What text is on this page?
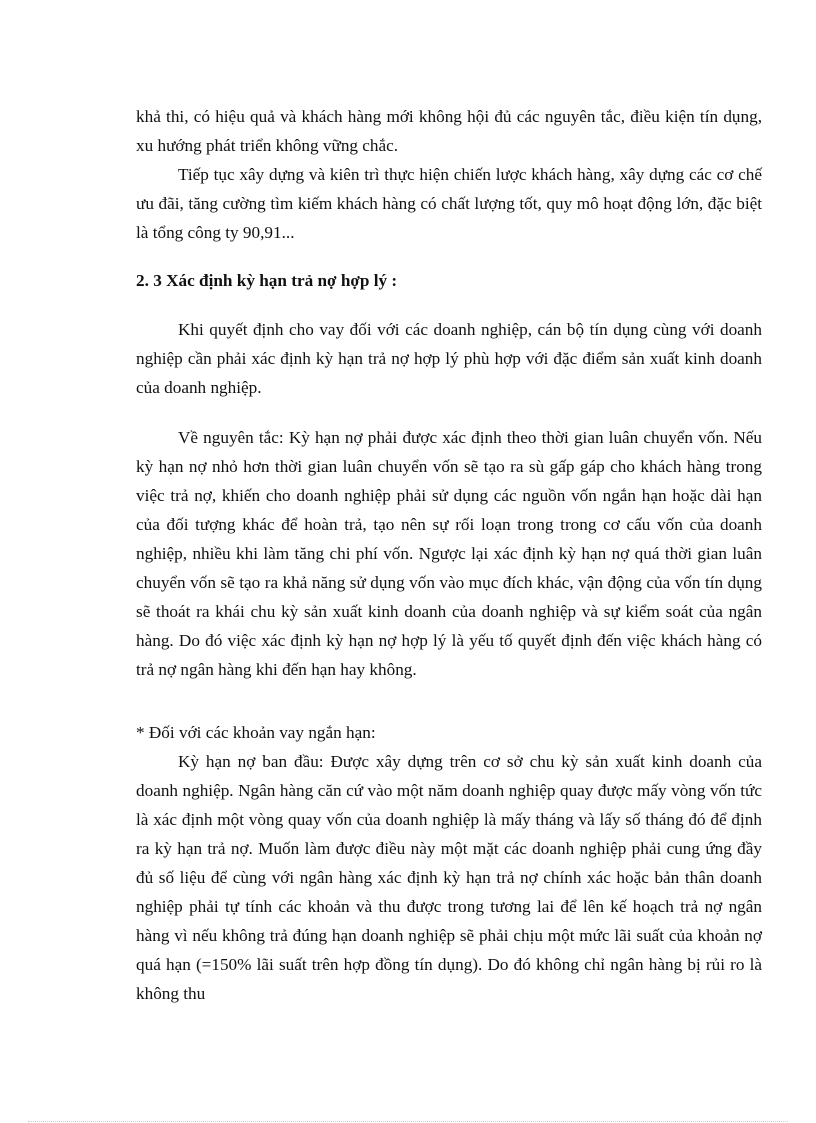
khả thi, có hiệu quả và khách hàng mới không hội đủ các nguyên tắc, điều kiện tín dụng, xu hướng phát triển không vững chắc.

Tiếp tục xây dựng và kiên trì thực hiện chiến lược khách hàng, xây dựng các cơ chế ưu đãi, tăng cường tìm kiếm khách hàng có chất lượng tốt, quy mô hoạt động lớn, đặc biệt là tổng công ty 90,91...

2. 3 Xác định kỳ hạn trả nợ hợp lý :

Khi quyết định cho vay đối với các doanh nghiệp, cán bộ tín dụng cùng với doanh nghiệp cần phải xác định kỳ hạn trả nợ hợp lý phù hợp với đặc điểm sản xuất kinh doanh của doanh nghiệp.

Về nguyên tắc: Kỳ hạn nợ phải được xác định theo thời gian luân chuyển vốn. Nếu kỳ hạn nợ nhỏ hơn thời gian luân chuyển vốn sẽ tạo ra sù gấp gáp cho khách hàng trong việc trả nợ, khiến cho doanh nghiệp phải sử dụng các nguồn vốn ngắn hạn hoặc dài hạn của đối tượng khác để hoàn trả, tạo nên sự rối loạn trong trong cơ cấu vốn của doanh nghiệp, nhiều khi làm tăng chi phí vốn. Ngược lại xác định kỳ hạn nợ quá thời gian luân chuyển vốn sẽ tạo ra khả năng sử dụng vốn vào mục đích khác, vận động của vốn tín dụng sẽ thoát ra khái chu kỳ sản xuất kinh doanh của doanh nghiệp và sự kiểm soát của ngân hàng. Do đó việc xác định kỳ hạn nợ hợp lý là yếu tố quyết định đến việc khách hàng có trả nợ ngân hàng khi đến hạn hay không.

* Đối với các khoản vay ngắn hạn:

Kỳ hạn nợ ban đầu: Được xây dựng trên cơ sở chu kỳ sản xuất kinh doanh của doanh nghiệp. Ngân hàng căn cứ vào một năm doanh nghiệp quay được mấy vòng vốn tức là xác định một vòng quay vốn của doanh nghiệp là mấy tháng và lấy số tháng đó để định ra kỳ hạn trả nợ. Muốn làm được điều này một mặt các doanh nghiệp phải cung ứng đầy đủ số liệu để cùng với ngân hàng xác định kỳ hạn trả nợ chính xác hoặc bản thân doanh nghiệp phải tự tính các khoản và thu được trong tương lai để lên kế hoạch trả nợ ngân hàng vì nếu không trả đúng hạn doanh nghiệp sẽ phải chịu một mức lãi suất của khoản nợ quá hạn (=150% lãi suất trên hợp đồng tín dụng). Do đó không chỉ ngân hàng bị rủi ro là không thu
